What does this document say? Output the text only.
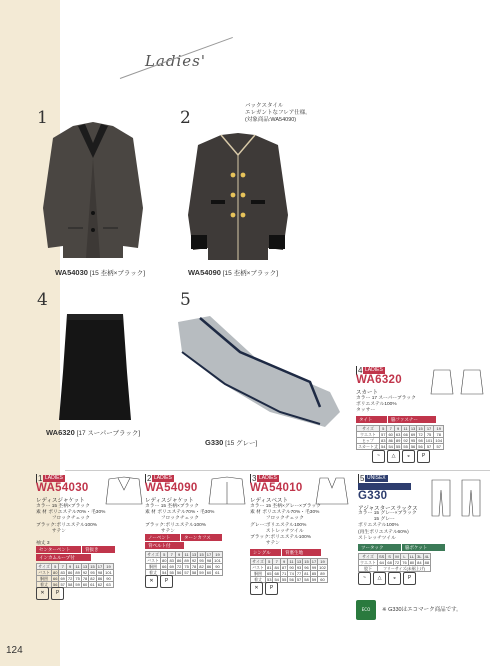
124
Ladies'
1
WA54030 [15 杢柄×ブラック]
2
バックスタイル
エレガントなフレア仕様。
(対象商品:WA54090)
WA54090 [15 杢柄×ブラック]
4
WA6320 [17 スーパーブラック]
5
G330 [15 グレー]
4 LADIES
WA6320
スカート
カラー 17 スーパーブラック
ポリエステル100%
タッサー
タイト	脇ファスナー
サイズ	5	7	9	11	13	15	17	19
ウエスト	57	60	63	66	69	72	75	78
ヒップ	83	86	89	92	95	98	101	104
スカート丈	54	54	55	55	56	56	57	57
~	△	◒	P
1 LADIES
WA54030
レディスジャケット
カラー 15 杢柄×ブラック
素 材 ポリエステル70%・毛30%
　　　 フロックチェック
ブラック:ポリエステル100%
　　　 サテン

袖丈 3
センターベント	背抜き
インカムループ付
サイズ	5	7	9	11	13	15	17	19
バスト	80	83	86	89	92	95	98	101
胴囲	66	69	72	75	78	82	86	90
着丈	56	57	58	59	60	61	62	63
✕	P
2 LADIES
WA54090
レディスジャケット
カラー 15 杢柄×ブラック
素 材 ポリエステル70%・毛30%
　　　 フロックチェック
ブラック:ポリエステル100%
　　　 サテン
ノーベント	ターンカフス
背ベルト付
サイズ	5	7	9	11	13	15	17	19
バスト	80	83	86	89	92	95	98	101
胴囲	66	69	72	75	78	82	86	90
着丈	54	55	56	57	58	59	60	61
✕	P
3 LADIES
WA54010
レディスベスト
カラー 15 杢柄×グレー×ブラック
素 材 ポリエステル70%・毛30%
　　　 フロックチェック
グレー:ポリエステル100%
　　　 ストレッチツイル
ブラック:ポリエステル100%
　　　 サテン
シングル	背裏生地
サイズ	5	7	9	11	13	15	17	19
バスト	81	84	87	90	93	96	99	102
胴囲	65	68	71	74	77	81	85	89
着丈	53	54	55	56	57	58	59	60
✕	P
5 UNISEX
G330
アジャスタースラックス
カラー 15 グレー×ブラック
　　　 15 グレー
ポリエステル100%
(再生ポリエステル60%)
ストレッチツイル
ツータック	脇ポケット
サイズ	SS	S	M	L	LL	3L	4L
ウエスト	64	68	72	76	80	84	88
股下	フリーサイズ(未裾上げ)						
~	△	◒	P
ECO	※ G330はエコマーク商品です。
